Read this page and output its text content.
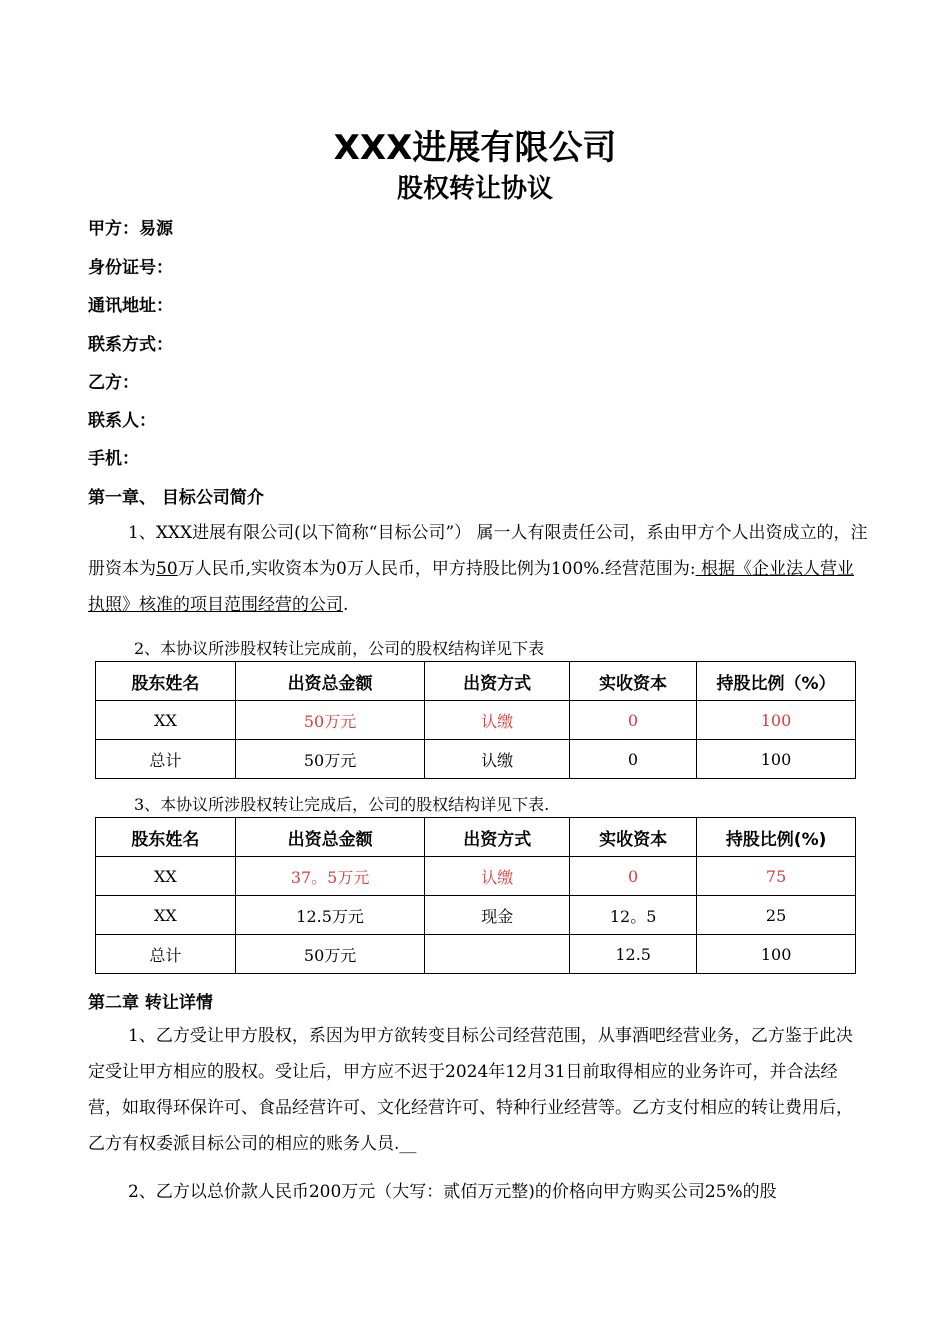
XXX进展有限公司
股权转让协议
甲方：易源
身份证号：
通讯地址：
联系方式：
乙方：
联系人：
手机：
第一章、 目标公司简介
1、XXX进展有限公司(以下简称“目标公司”） 属一人有限责任公司，系由甲方个人出资成立的，注册资本为50万人民币,实收资本为0万人民币，甲方持股比例为100%.经营范围为: 根据《企业法人营业执照》核准的项目范围经营的公司.
2、本协议所涉股权转让完成前，公司的股权结构详见下表
股东姓名	出资总金额	出资方式	实收资本	持股比例（%）
XX	50万元	认缴	0	100
总计	50万元	认缴	0	100
3、本协议所涉股权转让完成后，公司的股权结构详见下表.
股东姓名	出资总金额	出资方式	实收资本	持股比例(%)
XX	37。5万元	认缴	0	75
XX	12.5万元	现金	12。5	25
总计	50万元		12.5	100
第二章 转让详情
1、乙方受让甲方股权，系因为甲方欲转变目标公司经营范围，从事酒吧经营业务，乙方鉴于此决定受让甲方相应的股权。受让后，甲方应不迟于2024年12月31日前取得相应的业务许可，并合法经营，如取得环保许可、食品经营许可、文化经营许可、特种行业经营等。乙方支付相应的转让费用后，乙方有权委派目标公司的相应的账务人员.__
2、乙方以总价款人民币200万元（大写：贰佰万元整)的价格向甲方购买公司25%的股
